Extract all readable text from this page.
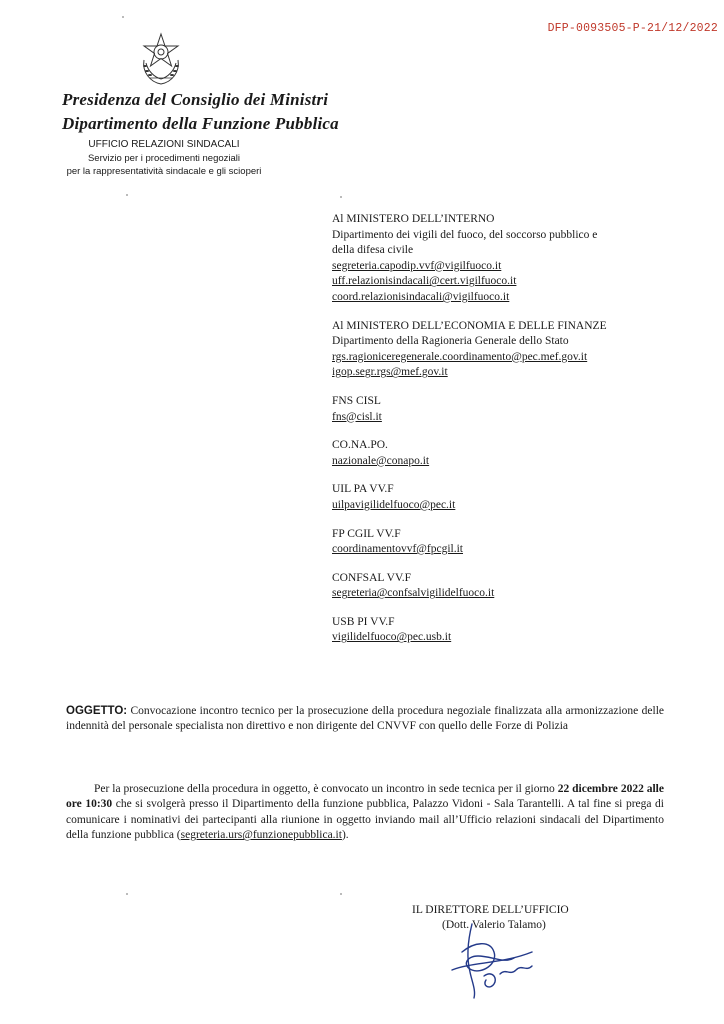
DFP-0093505-P-21/12/2022
Presidenza del Consiglio dei Ministri
Dipartimento della Funzione Pubblica
UFFICIO RELAZIONI SINDACALI
Servizio per i procedimenti negoziali
per la rappresentatività sindacale e gli scioperi
Al MINISTERO DELL’INTERNO
Dipartimento dei vigili del fuoco, del soccorso pubblico e
della difesa civile
segreteria.capodip.vvf@vigilfuoco.it
uff.relazionisindacali@cert.vigilfuoco.it
coord.relazionisindacali@vigilfuoco.it
Al MINISTERO DELL’ECONOMIA E DELLE FINANZE
Dipartimento della Ragioneria Generale dello Stato
rgs.ragioniceregenerale.coordinamento@pec.mef.gov.it
igop.segr.rgs@mef.gov.it
FNS CISL
fns@cisl.it
CO.NA.PO.
nazionale@conapo.it
UIL PA VV.F
uilpavigilidelfuoco@pec.it
FP CGIL VV.F
coordinamentovvf@fpcgil.it
CONFSAL VV.F
segreteria@confsalvigilidelfuoco.it
USB PI VV.F
vigilidelfuoco@pec.usb.it
OGGETTO: Convocazione incontro tecnico per la prosecuzione della procedura negoziale finalizzata alla armonizzazione delle indennità del personale specialista non direttivo e non dirigente del CNVVF con quello delle Forze di Polizia
Per la prosecuzione della procedura in oggetto, è convocato un incontro in sede tecnica per il giorno 22 dicembre 2022 alle ore 10:30 che si svolgerà presso il Dipartimento della funzione pubblica, Palazzo Vidoni - Sala Tarantelli. A tal fine si prega di comunicare i nominativi dei partecipanti alla riunione in oggetto inviando mail all’Ufficio relazioni sindacali del Dipartimento della funzione pubblica (segreteria.urs@funzionepubblica.it).
IL DIRETTORE DELL’UFFICIO
(Dott. Valerio Talamo)
